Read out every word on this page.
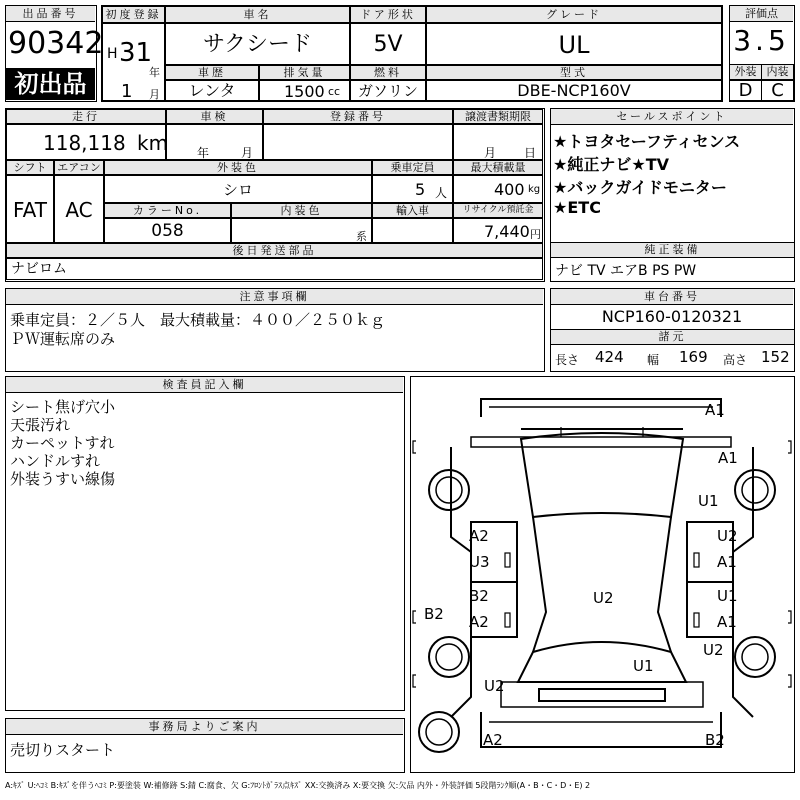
出品番号
90342
初出品
初度登録
H 31
年
1 月
車名
サクシード
車歴
レンタ
排気量
1500 cc
ドア形状
5V
燃料
ガソリン
グレード
UL
型式
DBE-NCP160V
評価点
3.5
外装 内装
D	C
走行
118,118 km
車検
年	月
登録番号	譲渡書類期限
月 日
シフト
FAT
エアコン
AC
外装色
シロ
カラーNo.
058
内装色
系
乗車定員
5 人
輸入車
最大積載量
400 kg
リサイクル預託金
7,440 円
後日発送部品
ナビロム
セールスポイント
★トヨタセーフティセンス
★純正ナビ★TV
★バックガイドモニター
★ETC
純正装備
ナビ TV エアB PS PW
注意事項欄
乗車定員：２／５人　最大積載量：４００／２５０ｋｇ
ＰＷ運転席のみ
車台番号
NCP160-0120321
諸元
長さ 424 幅 169 高さ 152
検査員記入欄
シート焦げ穴小
天張汚れ
カーペットすれ
ハンドルすれ
外装うすい線傷
事務局よりご案内
売切りスタート
A1
A1
U1
A2
U3
U2
A1
B2
A2
U2	U1
A1
B2
U2
U1
U2
A2	B2
A:ｷｽﾞ U:ﾍｺﾐ B:ｷｽﾞを伴うﾍｺﾐ P:要塗装 W:補修跡 S:錆 C:腐食、欠 G:ﾌﾛﾝﾄｶﾞﾗｽ点ｷｽﾞ XX:交換済み X:要交換 欠:欠品 内外・外装評価 5段階ﾗﾝｸ順(A・B・C・D・E) 2
